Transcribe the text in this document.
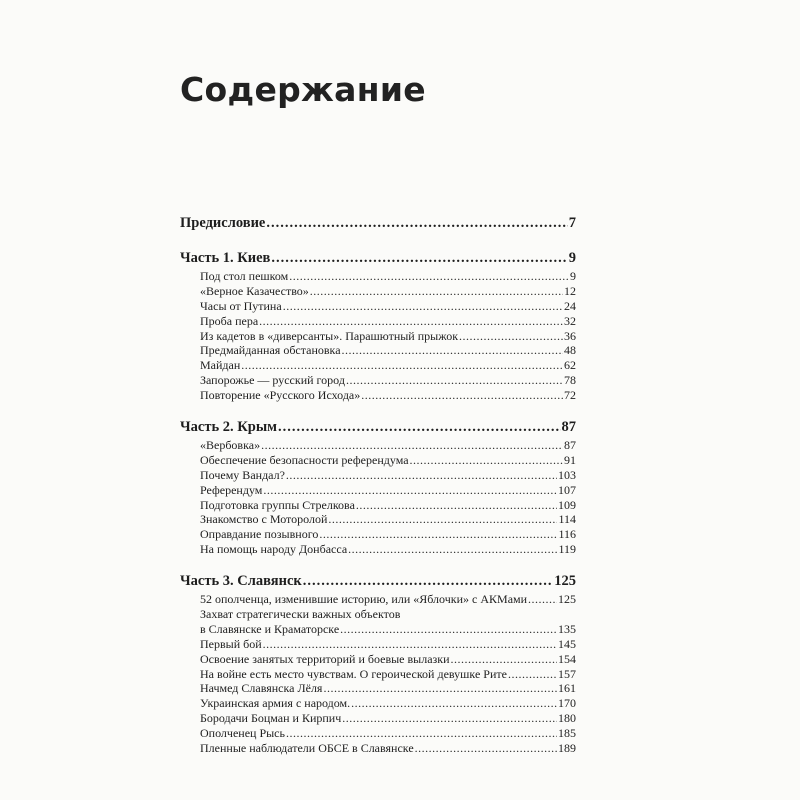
Содержание
Предисловие .....	7
Часть 1. Киев .....	9
Под стол пешком .....	9
«Верное Казачество» .....	12
Часы от Путина .....	24
Проба пера .....	32
Из кадетов в «диверсанты». Парашютный прыжок .....	36
Предмайданная обстановка .....	48
Майдан .....	62
Запорожье — русский город .....	78
Повторение «Русского Исхода» .....	72
Часть 2. Крым .....	87
«Вербовка» .....	87
Обеспечение безопасности референдума .....	91
Почему Вандал? .....	103
Референдум .....	107
Подготовка группы Стрелкова .....	109
Знакомство с Моторолой .....	114
Оправдание позывного .....	116
На помощь народу Донбасса .....	119
Часть 3. Славянск .....	125
52 ополченца, изменившие историю, или «Яблочки» с АКМами .....	125
Захват стратегически важных объектов
в Славянске и Краматорске .....	135
Первый бой .....	145
Освоение занятых территорий и боевые вылазки .....	154
На войне есть место чувствам. О героической девушке Рите .....	157
Начмед Славянска Лёля .....	161
Украинская армия с народом. .....	170
Бородачи Боцман и Кирпич .....	180
Ополченец Рысь .....	185
Пленные наблюдатели ОБСЕ в Славянске .....	189
